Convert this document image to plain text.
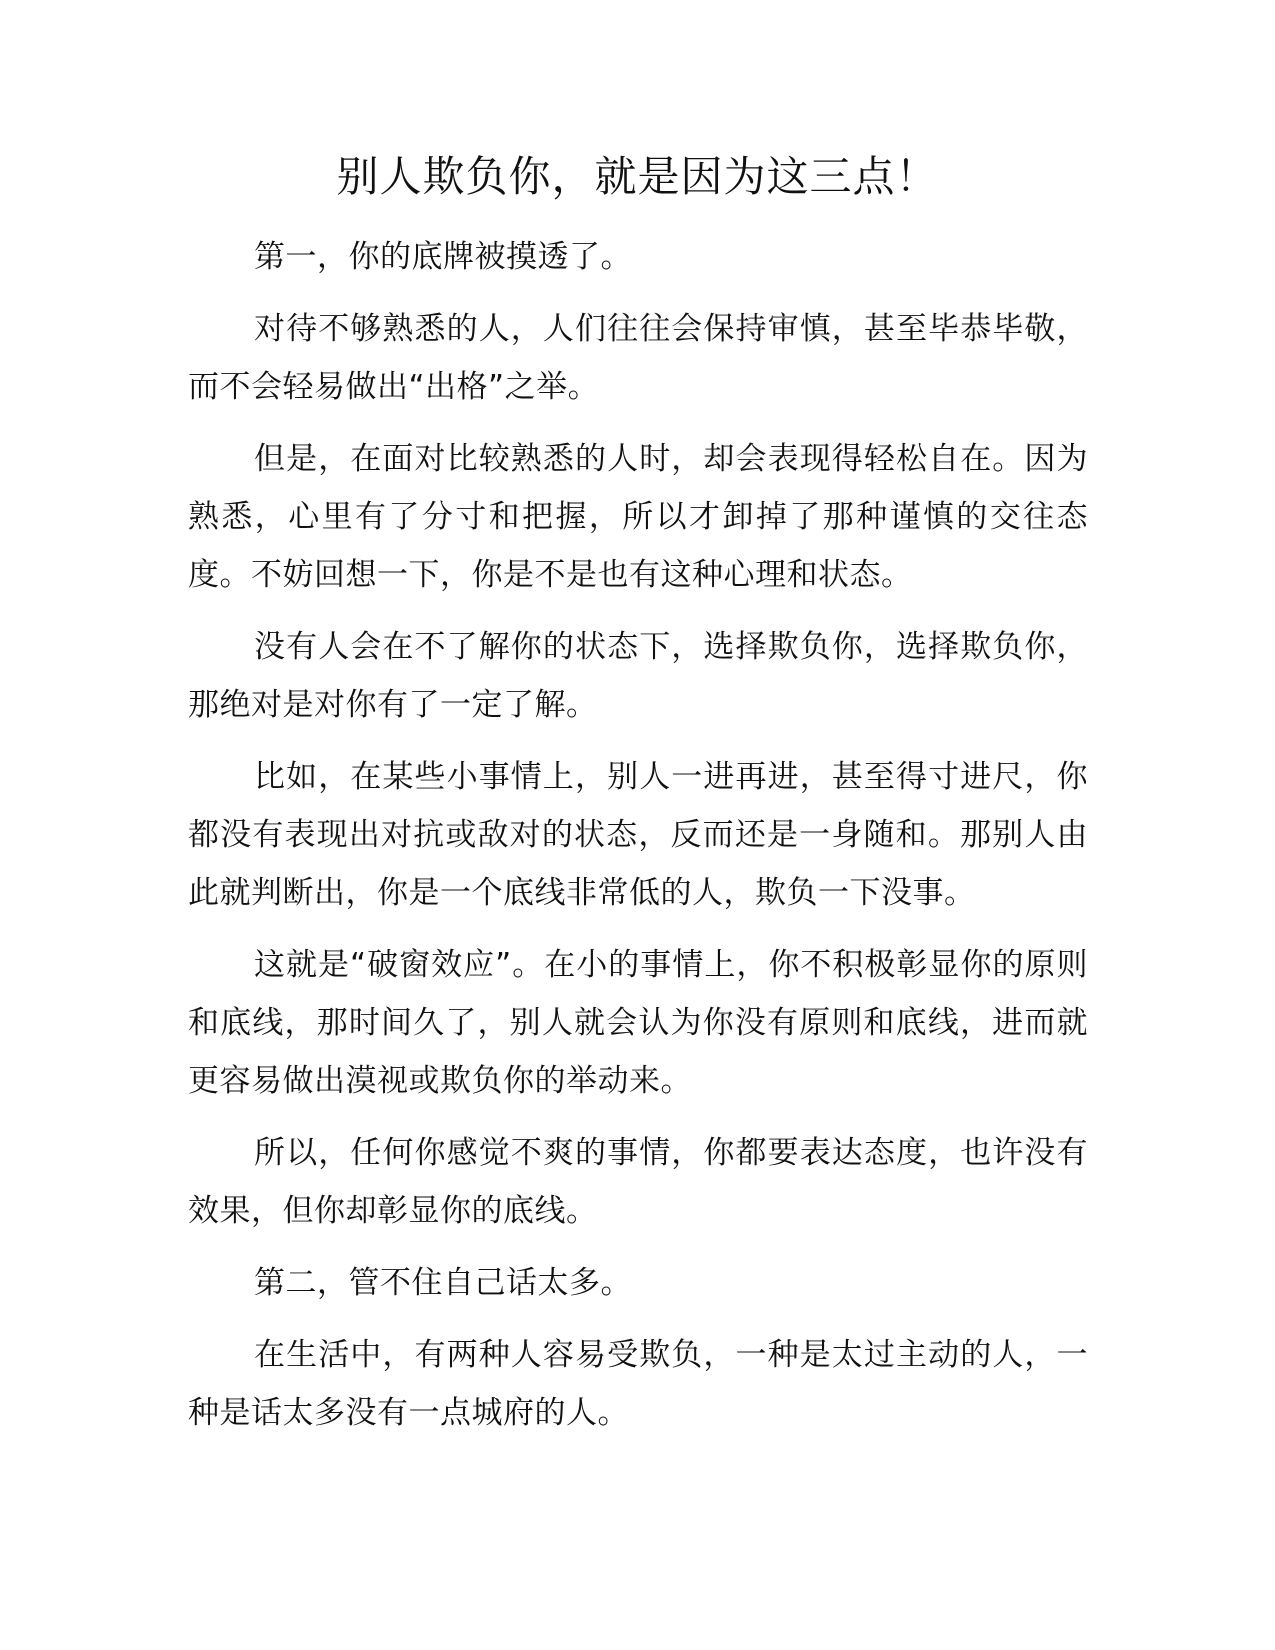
别人欺负你，就是因为这三点！

第一，你的底牌被摸透了。

对待不够熟悉的人，人们往往会保持审慎，甚至毕恭毕敬，而不会轻易做出“出格”之举。

但是，在面对比较熟悉的人时，却会表现得轻松自在。因为熟悉，心里有了分寸和把握，所以才卸掉了那种谨慎的交往态度。不妨回想一下，你是不是也有这种心理和状态。

没有人会在不了解你的状态下，选择欺负你，选择欺负你，那绝对是对你有了一定了解。

比如，在某些小事情上，别人一进再进，甚至得寸进尺，你都没有表现出对抗或敌对的状态，反而还是一身随和。那别人由此就判断出，你是一个底线非常低的人，欺负一下没事。

这就是“破窗效应”。在小的事情上，你不积极彰显你的原则和底线，那时间久了，别人就会认为你没有原则和底线，进而就更容易做出漠视或欺负你的举动来。

所以，任何你感觉不爽的事情，你都要表达态度，也许没有效果，但你却彰显你的底线。

第二，管不住自己话太多。

在生活中，有两种人容易受欺负，一种是太过主动的人，一种是话太多没有一点城府的人。
